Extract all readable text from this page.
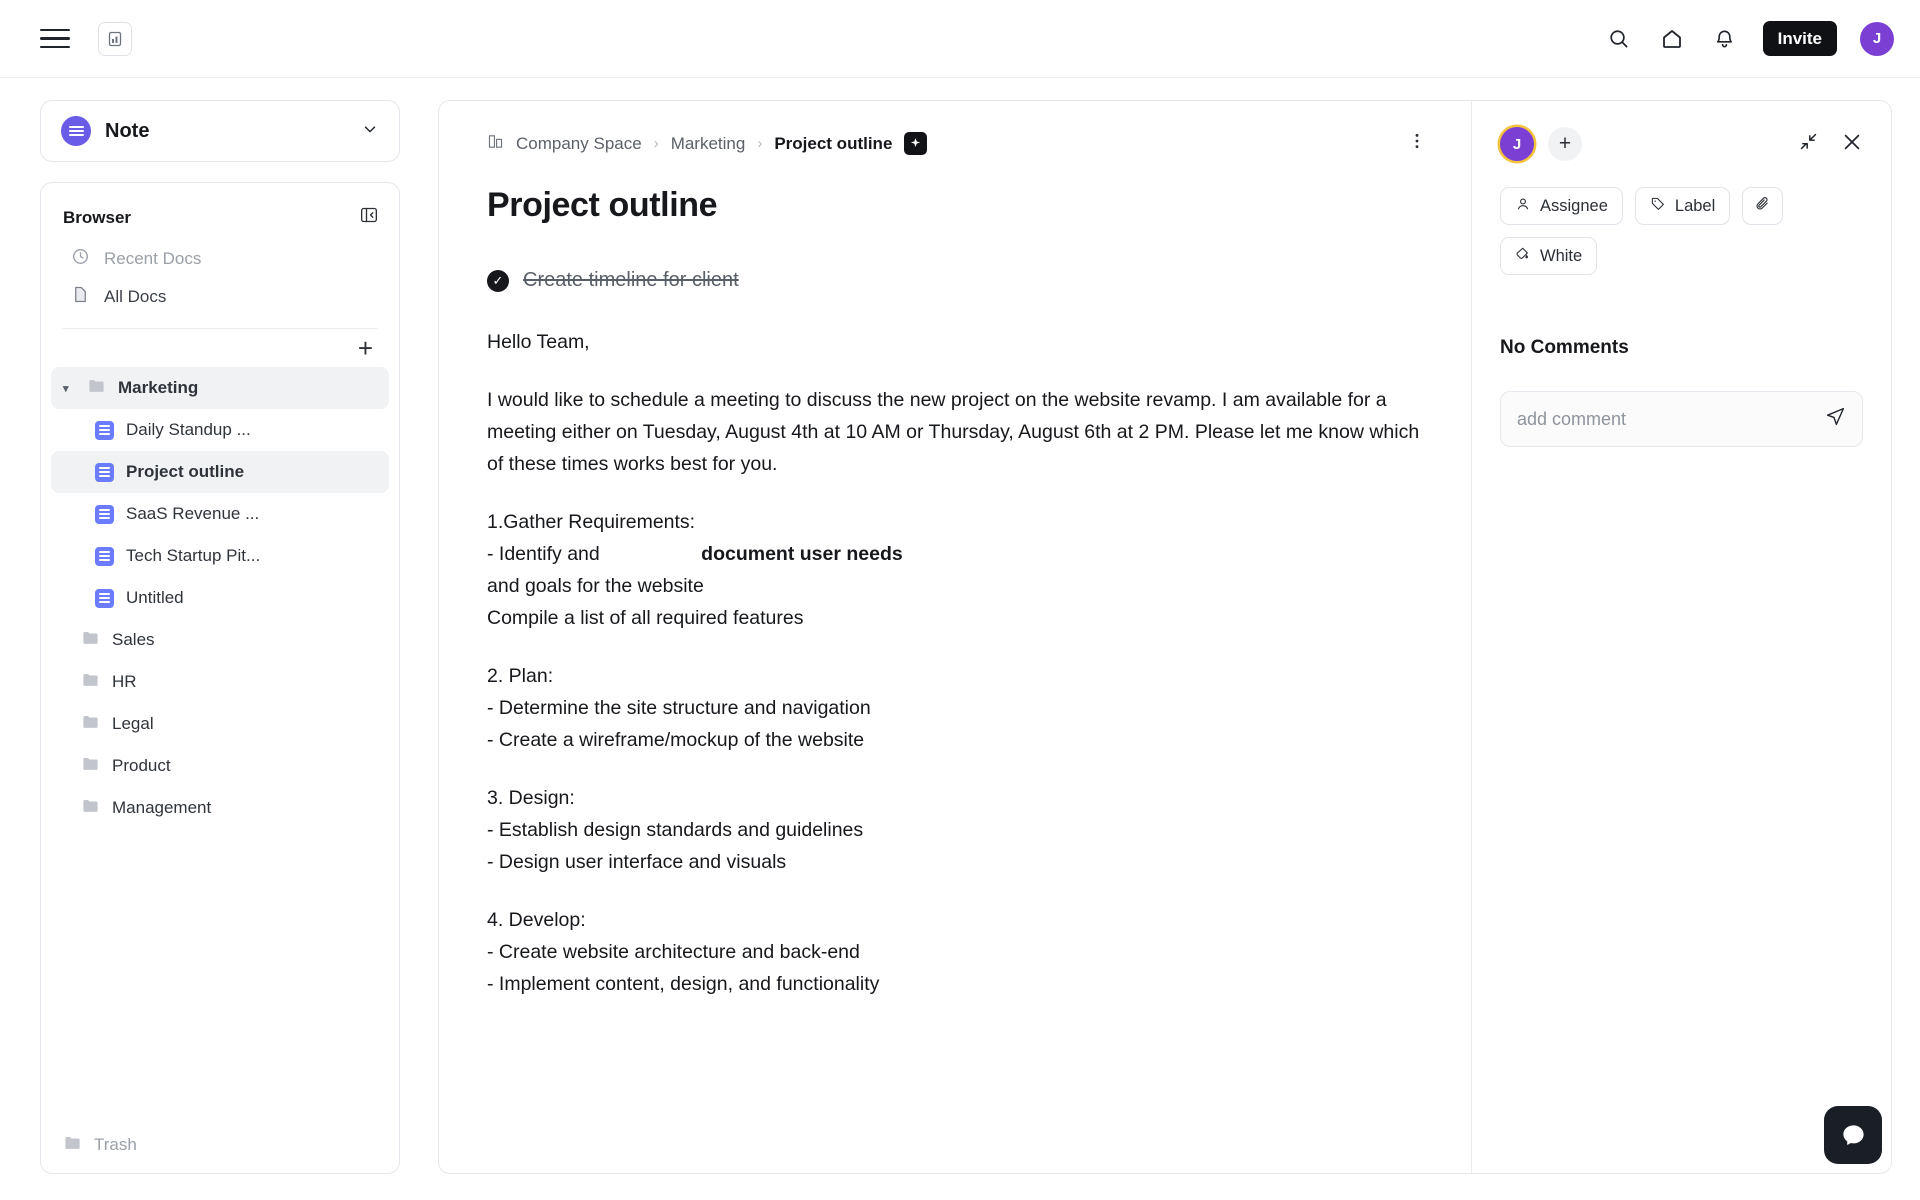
Invite	J
Note
Browser
Recent Docs
All Docs
+
▾	Marketing
Daily Standup ...
Project outline
SaaS Revenue ...
Tech Startup Pit...
Untitled
Sales
HR
Legal
Product
Management
Trash
Company Space › Marketing › Project outline
Project outline
✓ Create timeline for client
Hello Team,
I would like to schedule a meeting to discuss the new project on the website revamp. I am available for a meeting either on Tuesday, August 4th at 10 AM or Thursday, August 6th at 2 PM. Please let me know which of these times works best for you.
1.Gather Requirements:
- Identify and	document user needs
and goals for the website
Compile a list of all required features
2. Plan:
- Determine the site structure and navigation
- Create a wireframe/mockup of the website
3. Design:
- Establish design standards and guidelines
- Design user interface and visuals
4. Develop:
- Create website architecture and back-end
- Implement content, design, and functionality
J	+
Assignee	Label
White
No Comments
add comment
